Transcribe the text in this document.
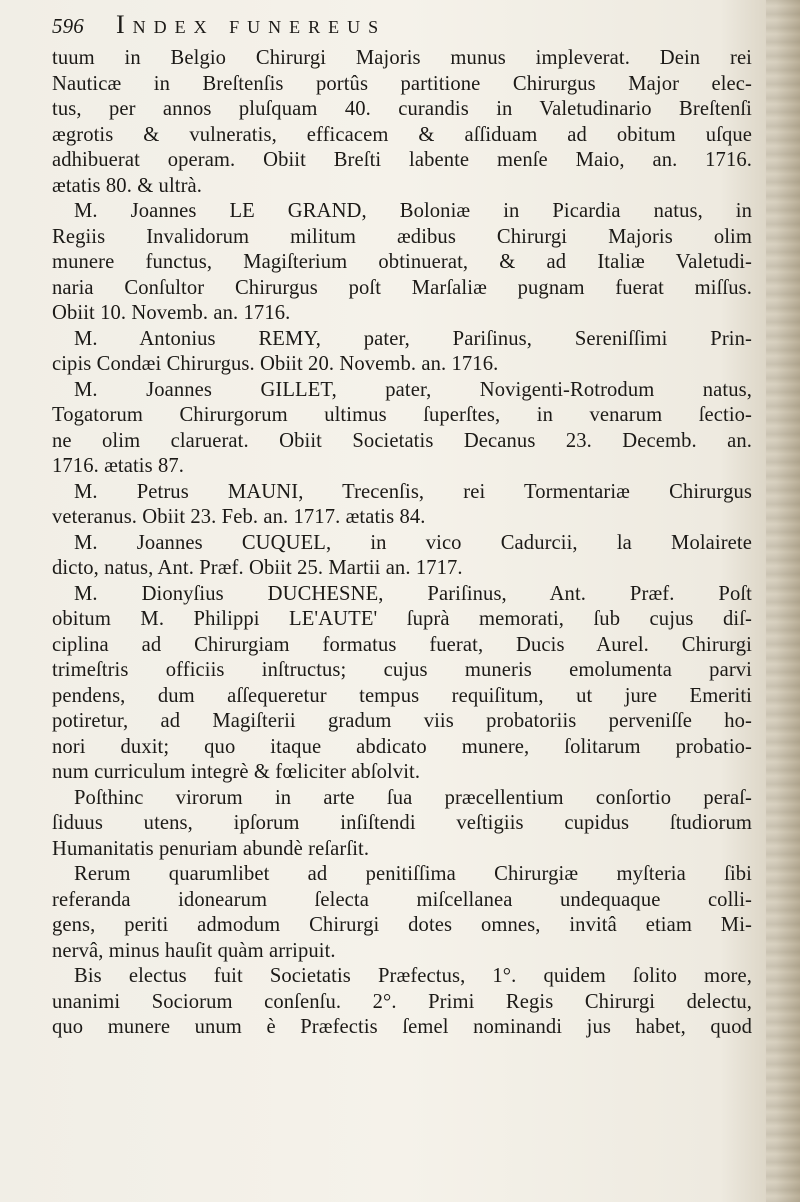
596	Index funereus
tuum in Belgio Chirurgi Majoris munus impleverat. Dein rei
Nauticæ in Breſtenſis portûs partitione Chirurgus Major elec-
tus, per annos pluſquam 40. curandis in Valetudinario Breſtenſi
ægrotis & vulneratis, efficacem & aſſiduam ad obitum uſque
adhibuerat operam. Obiit Breſti labente menſe Maio, an. 1716.
ætatis 80. & ultrà.
M. Joannes LE GRAND, Boloniæ in Picardia natus, in
Regiis Invalidorum militum ædibus Chirurgi Majoris olim
munere functus, Magiſterium obtinuerat, & ad Italiæ Valetudi-
naria Conſultor Chirurgus poſt Marſaliæ pugnam fuerat miſſus.
Obiit 10. Novemb. an. 1716.
M. Antonius REMY, pater, Pariſinus, Sereniſſimi Prin-
cipis Condæi Chirurgus. Obiit 20. Novemb. an. 1716.
M. Joannes GILLET, pater, Novigenti-Rotrodum natus,
Togatorum Chirurgorum ultimus ſuperſtes, in venarum ſectio-
ne olim claruerat. Obiit Societatis Decanus 23. Decemb. an.
1716. ætatis 87.
M. Petrus MAUNI, Trecenſis, rei Tormentariæ Chirurgus
veteranus. Obiit 23. Feb. an. 1717. ætatis 84.
M. Joannes CUQUEL, in vico Cadurcii, la Molairete
dicto, natus, Ant. Præf. Obiit 25. Martii an. 1717.
M. Dionyſius DUCHESNE, Pariſinus, Ant. Præf. Poſt
obitum M. Philippi LE'AUTE' ſuprà memorati, ſub cujus diſ-
ciplina ad Chirurgiam formatus fuerat, Ducis Aurel. Chirurgi
trimeſtris officiis inſtructus; cujus muneris emolumenta parvi
pendens, dum aſſequeretur tempus requiſitum, ut jure Emeriti
potiretur, ad Magiſterii gradum viis probatoriis perveniſſe ho-
nori duxit; quo itaque abdicato munere, ſolitarum probatio-
num curriculum integrè & fœliciter abſolvit.
Poſthinc virorum in arte ſua præcellentium conſortio peraſ-
ſiduus utens, ipſorum inſiſtendi veſtigiis cupidus ſtudiorum
Humanitatis penuriam abundè reſarſit.
Rerum quarumlibet ad penitiſſima Chirurgiæ myſteria ſibi
referanda idonearum ſelecta miſcellanea undequaque colli-
gens, periti admodum Chirurgi dotes omnes, invitâ etiam Mi-
nervâ, minus hauſit quàm arripuit.
Bis electus fuit Societatis Præfectus, 1°. quidem ſolito more,
unanimi Sociorum conſenſu. 2°. Primi Regis Chirurgi delectu,
quo munere unum è Præfectis ſemel nominandi jus habet, quod
